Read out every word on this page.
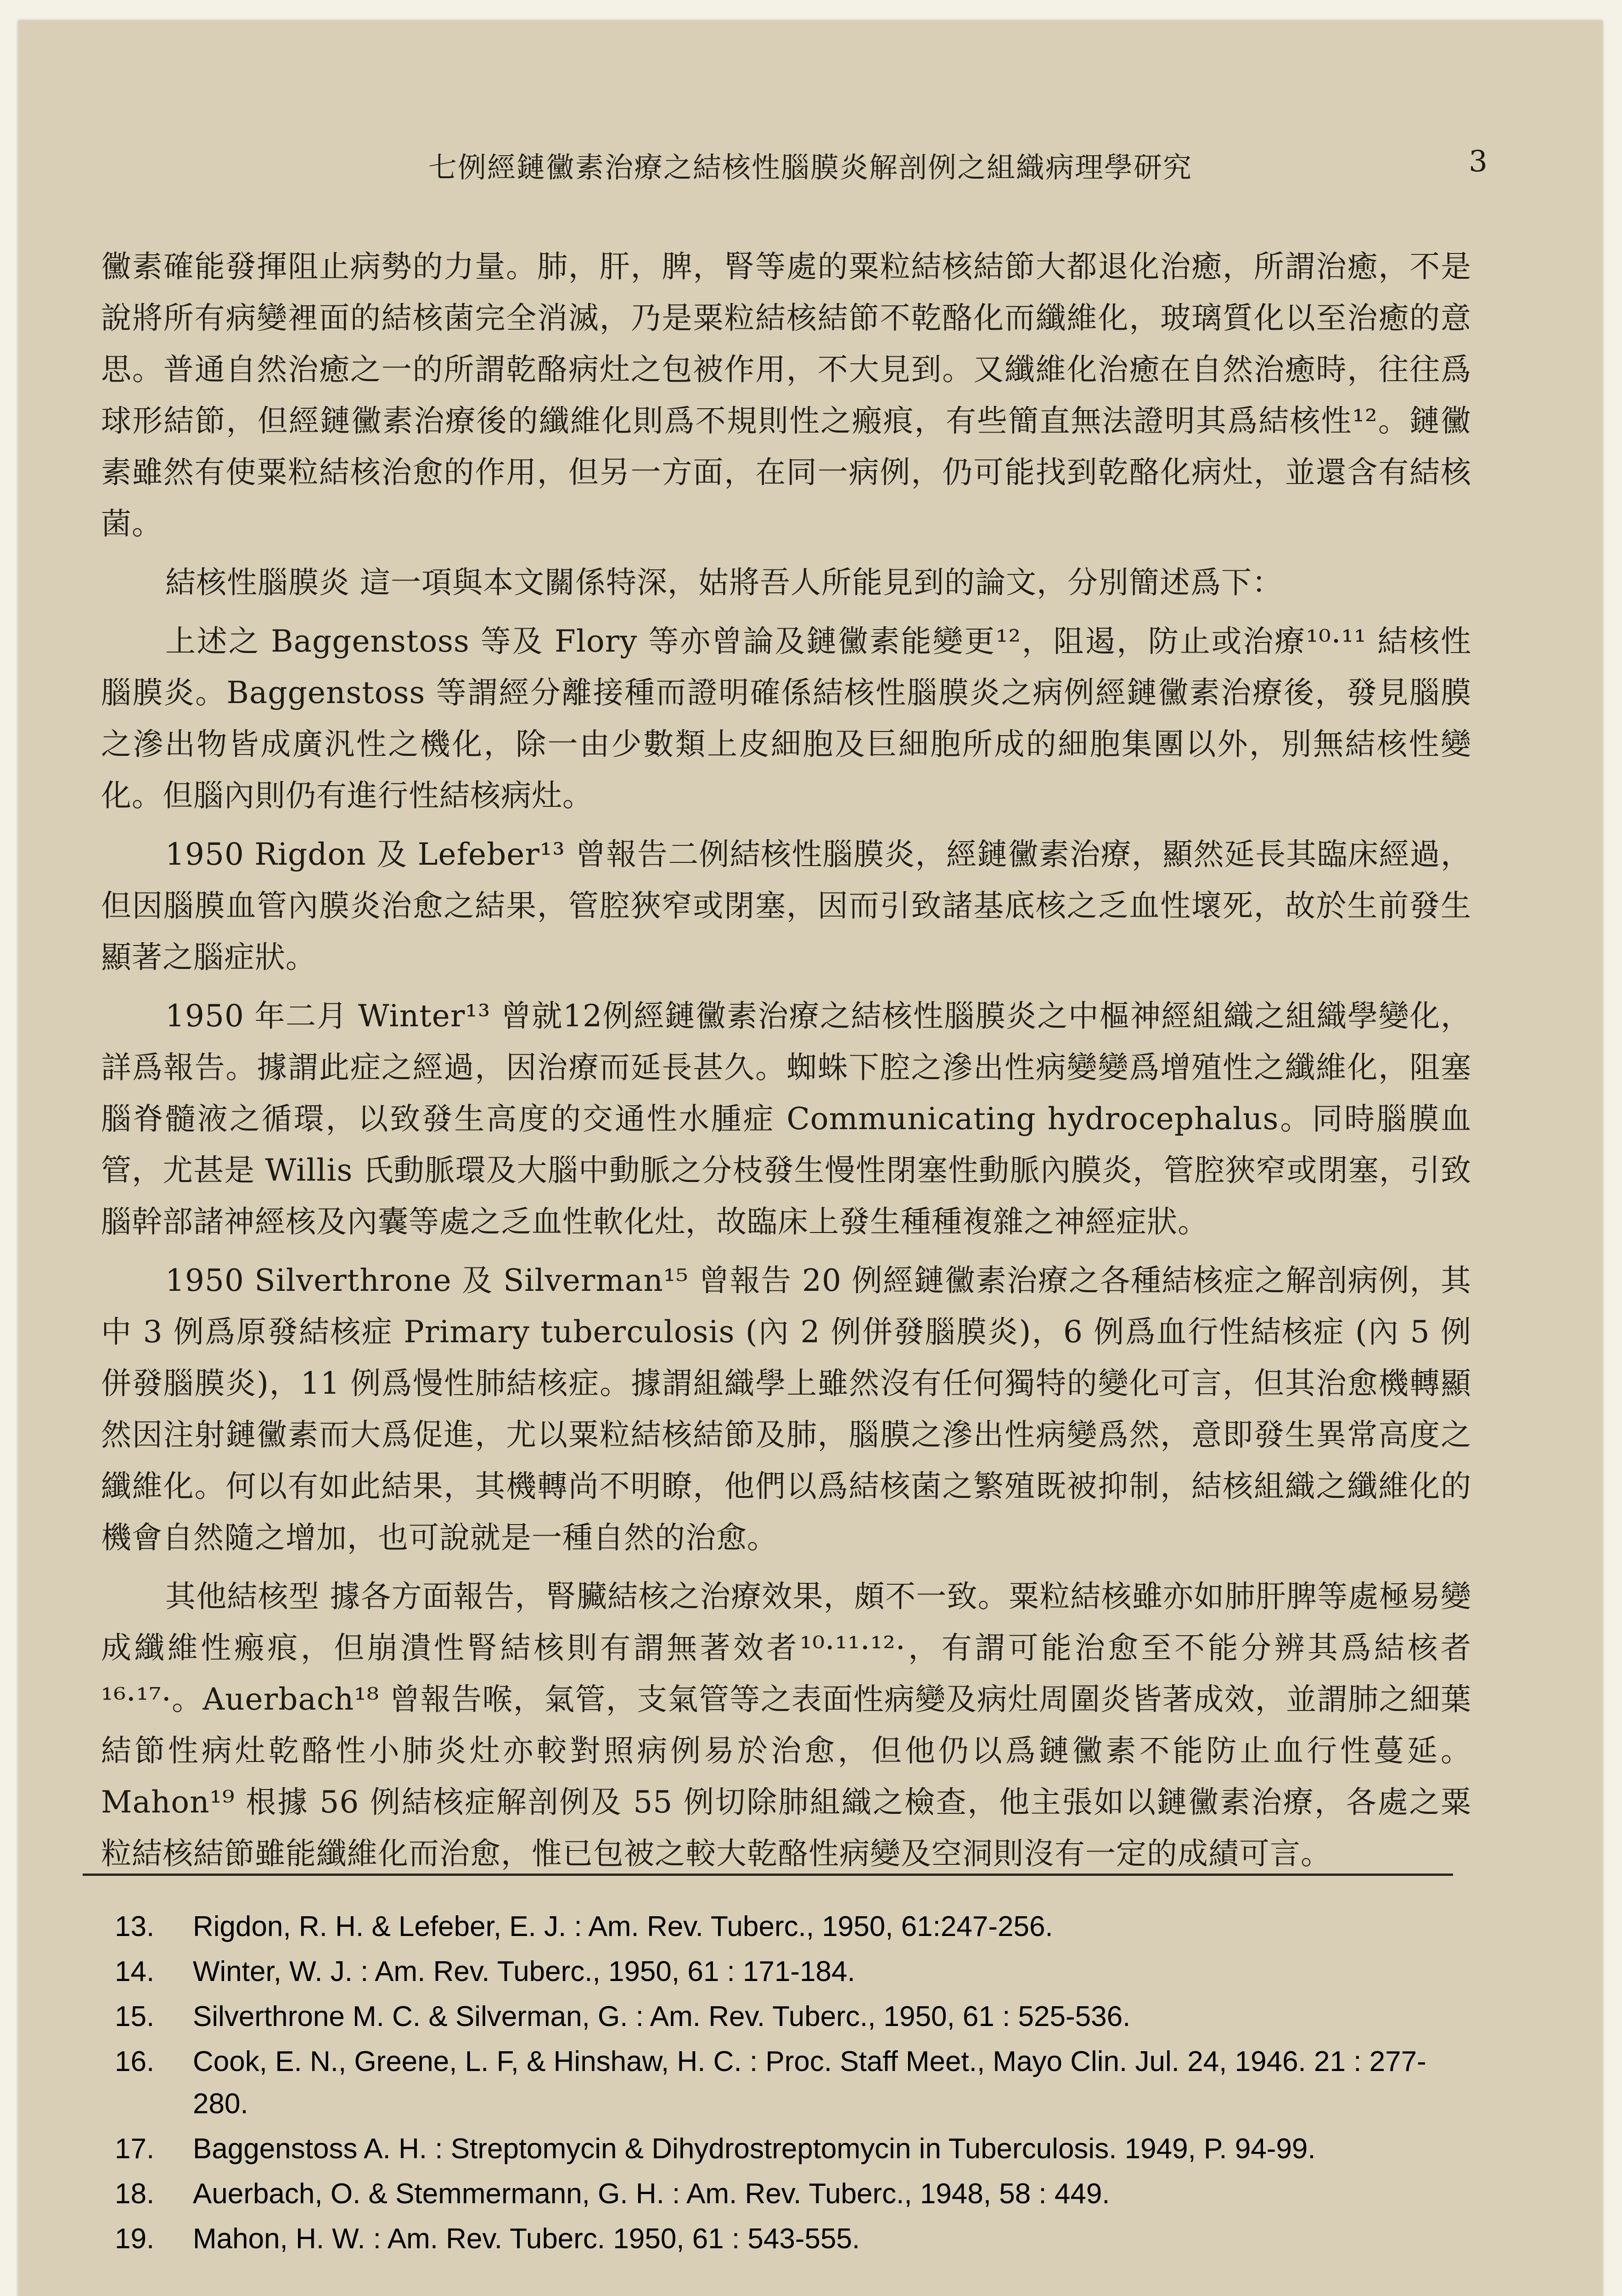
七例經鏈黴素治療之結核性腦膜炎解剖例之組織病理學研究	3

黴素確能發揮阻止病勢的力量。肺，肝，脾，腎等處的粟粒結核結節大都退化治癒，所謂治癒，不是說將所有病變裡面的結核菌完全消滅，乃是粟粒結核結節不乾酪化而纖維化，玻璃質化以至治癒的意思。普通自然治癒之一的所謂乾酪病灶之包被作用，不大見到。又纖維化治癒在自然治癒時，往往爲球形結節，但經鏈黴素治療後的纖維化則爲不規則性之瘢痕，有些簡直無法證明其爲結核性¹²。鏈黴素雖然有使粟粒結核治愈的作用，但另一方面，在同一病例，仍可能找到乾酪化病灶，並還含有結核菌。

結核性腦膜炎 這一項與本文關係特深，姑將吾人所能見到的論文，分別簡述爲下：

上述之 Baggenstoss 等及 Flory 等亦曾論及鏈黴素能變更¹²，阻遏，防止或治療¹⁰·¹¹ 結核性腦膜炎。Baggenstoss 等謂經分離接種而證明確係結核性腦膜炎之病例經鏈黴素治療後，發見腦膜之滲出物皆成廣汎性之機化，除一由少數類上皮細胞及巨細胞所成的細胞集團以外，別無結核性變化。但腦內則仍有進行性結核病灶。

1950 Rigdon 及 Lefeber¹³ 曾報告二例結核性腦膜炎，經鏈黴素治療，顯然延長其臨床經過，但因腦膜血管內膜炎治愈之結果，管腔狹窄或閉塞，因而引致諸基底核之乏血性壞死，故於生前發生顯著之腦症狀。

1950 年二月 Winter¹³ 曾就12例經鏈黴素治療之結核性腦膜炎之中樞神經組織之組織學變化，詳爲報告。據謂此症之經過，因治療而延長甚久。蜘蛛下腔之滲出性病變變爲增殖性之纖維化，阻塞腦脊髓液之循環，以致發生高度的交通性水腫症 Communicating hydrocephalus。同時腦膜血管，尤甚是 Willis 氏動脈環及大腦中動脈之分枝發生慢性閉塞性動脈內膜炎，管腔狹窄或閉塞，引致腦幹部諸神經核及內囊等處之乏血性軟化灶，故臨床上發生種種複雜之神經症狀。

1950 Silverthrone 及 Silverman¹⁵ 曾報告 20 例經鏈黴素治療之各種結核症之解剖病例，其中 3 例爲原發結核症 Primary tuberculosis (內 2 例併發腦膜炎)，6 例爲血行性結核症 (內 5 例併發腦膜炎)，11 例爲慢性肺結核症。據謂組織學上雖然沒有任何獨特的變化可言，但其治愈機轉顯然因注射鏈黴素而大爲促進，尤以粟粒結核結節及肺，腦膜之滲出性病變爲然，意即發生異常高度之纖維化。何以有如此結果，其機轉尚不明瞭，他們以爲結核菌之繁殖既被抑制，結核組織之纖維化的機會自然隨之增加，也可說就是一種自然的治愈。

其他結核型 據各方面報告，腎臟結核之治療效果，頗不一致。粟粒結核雖亦如肺肝脾等處極易變成纖維性瘢痕，但崩潰性腎結核則有謂無著效者¹⁰·¹¹·¹²·，有謂可能治愈至不能分辨其爲結核者¹⁶·¹⁷·。Auerbach¹⁸ 曾報告喉，氣管，支氣管等之表面性病變及病灶周圍炎皆著成效，並謂肺之細葉結節性病灶乾酪性小肺炎灶亦較對照病例易於治愈，但他仍以爲鏈黴素不能防止血行性蔓延。Mahon¹⁹ 根據 56 例結核症解剖例及 55 例切除肺組織之檢查，他主張如以鏈黴素治療，各處之粟粒結核結節雖能纖維化而治愈，惟已包被之較大乾酪性病變及空洞則沒有一定的成績可言。

13. Rigdon, R. H. & Lefeber, E. J. : Am. Rev. Tuberc., 1950, 61:247-256.

14. Winter, W. J. : Am. Rev. Tuberc., 1950, 61 : 171-184.

15. Silverthrone M. C. & Silverman, G. : Am. Rev. Tuberc., 1950, 61 : 525-536.

16. Cook, E. N., Greene, L. F, & Hinshaw, H. C. : Proc. Staff Meet., Mayo Clin. Jul. 24, 1946. 21 : 277-280.

17. Baggenstoss A. H. : Streptomycin & Dihydrostreptomycin in Tuberculosis. 1949, P. 94-99.

18. Auerbach, O. & Stemmermann, G. H. : Am. Rev. Tuberc., 1948, 58 : 449.

19. Mahon, H. W. : Am. Rev. Tuberc. 1950, 61 : 543-555.
